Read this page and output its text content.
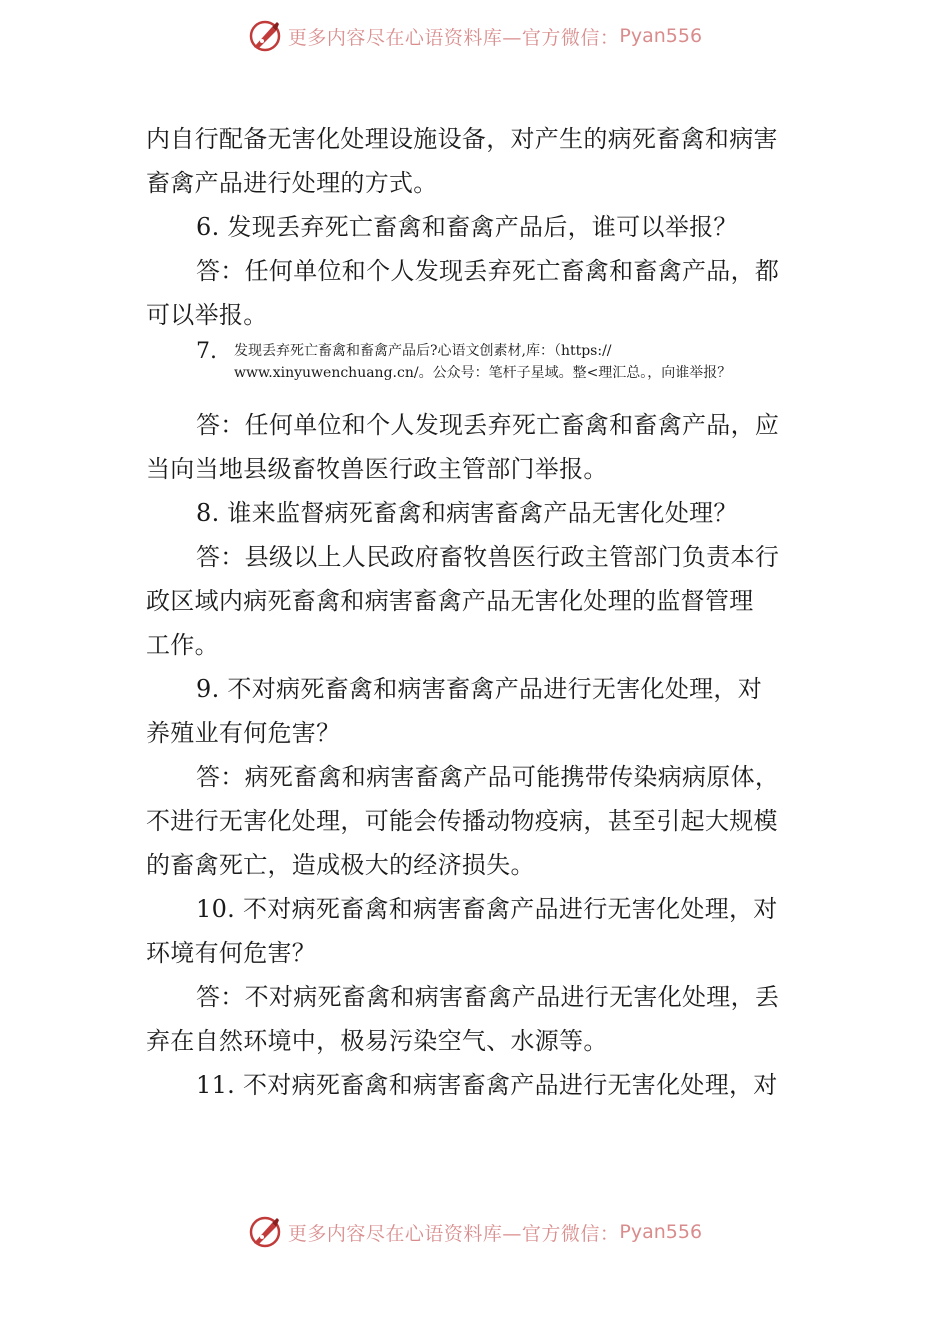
更多内容尽在心语资料库—官方微信： Pyan556
内自行配备无害化处理设施设备，对产生的病死畜禽和病害
畜禽产品进行处理的方式。
6. 发现丢弃死亡畜禽和畜禽产品后，谁可以举报？
答：任何单位和个人发现丢弃死亡畜禽和畜禽产品，都
可以举报。
7.	发现丢弃死亡畜禽和畜禽产品后?心语文创素材,库：（https://
www.xinyuwenchuang.cn/。公众号：笔杆子星域。整<理汇总。，向谁举报？
答：任何单位和个人发现丢弃死亡畜禽和畜禽产品，应
当向当地县级畜牧兽医行政主管部门举报。
8. 谁来监督病死畜禽和病害畜禽产品无害化处理？
答：县级以上人民政府畜牧兽医行政主管部门负责本行
政区域内病死畜禽和病害畜禽产品无害化处理的监督管理
工作。
9. 不对病死畜禽和病害畜禽产品进行无害化处理，对
养殖业有何危害？
答：病死畜禽和病害畜禽产品可能携带传染病病原体，
不进行无害化处理，可能会传播动物疫病，甚至引起大规模
的畜禽死亡，造成极大的经济损失。
10. 不对病死畜禽和病害畜禽产品进行无害化处理，对
环境有何危害？
答：不对病死畜禽和病害畜禽产品进行无害化处理，丢
弃在自然环境中，极易污染空气、水源等。
11. 不对病死畜禽和病害畜禽产品进行无害化处理，对
更多内容尽在心语资料库—官方微信： Pyan556
